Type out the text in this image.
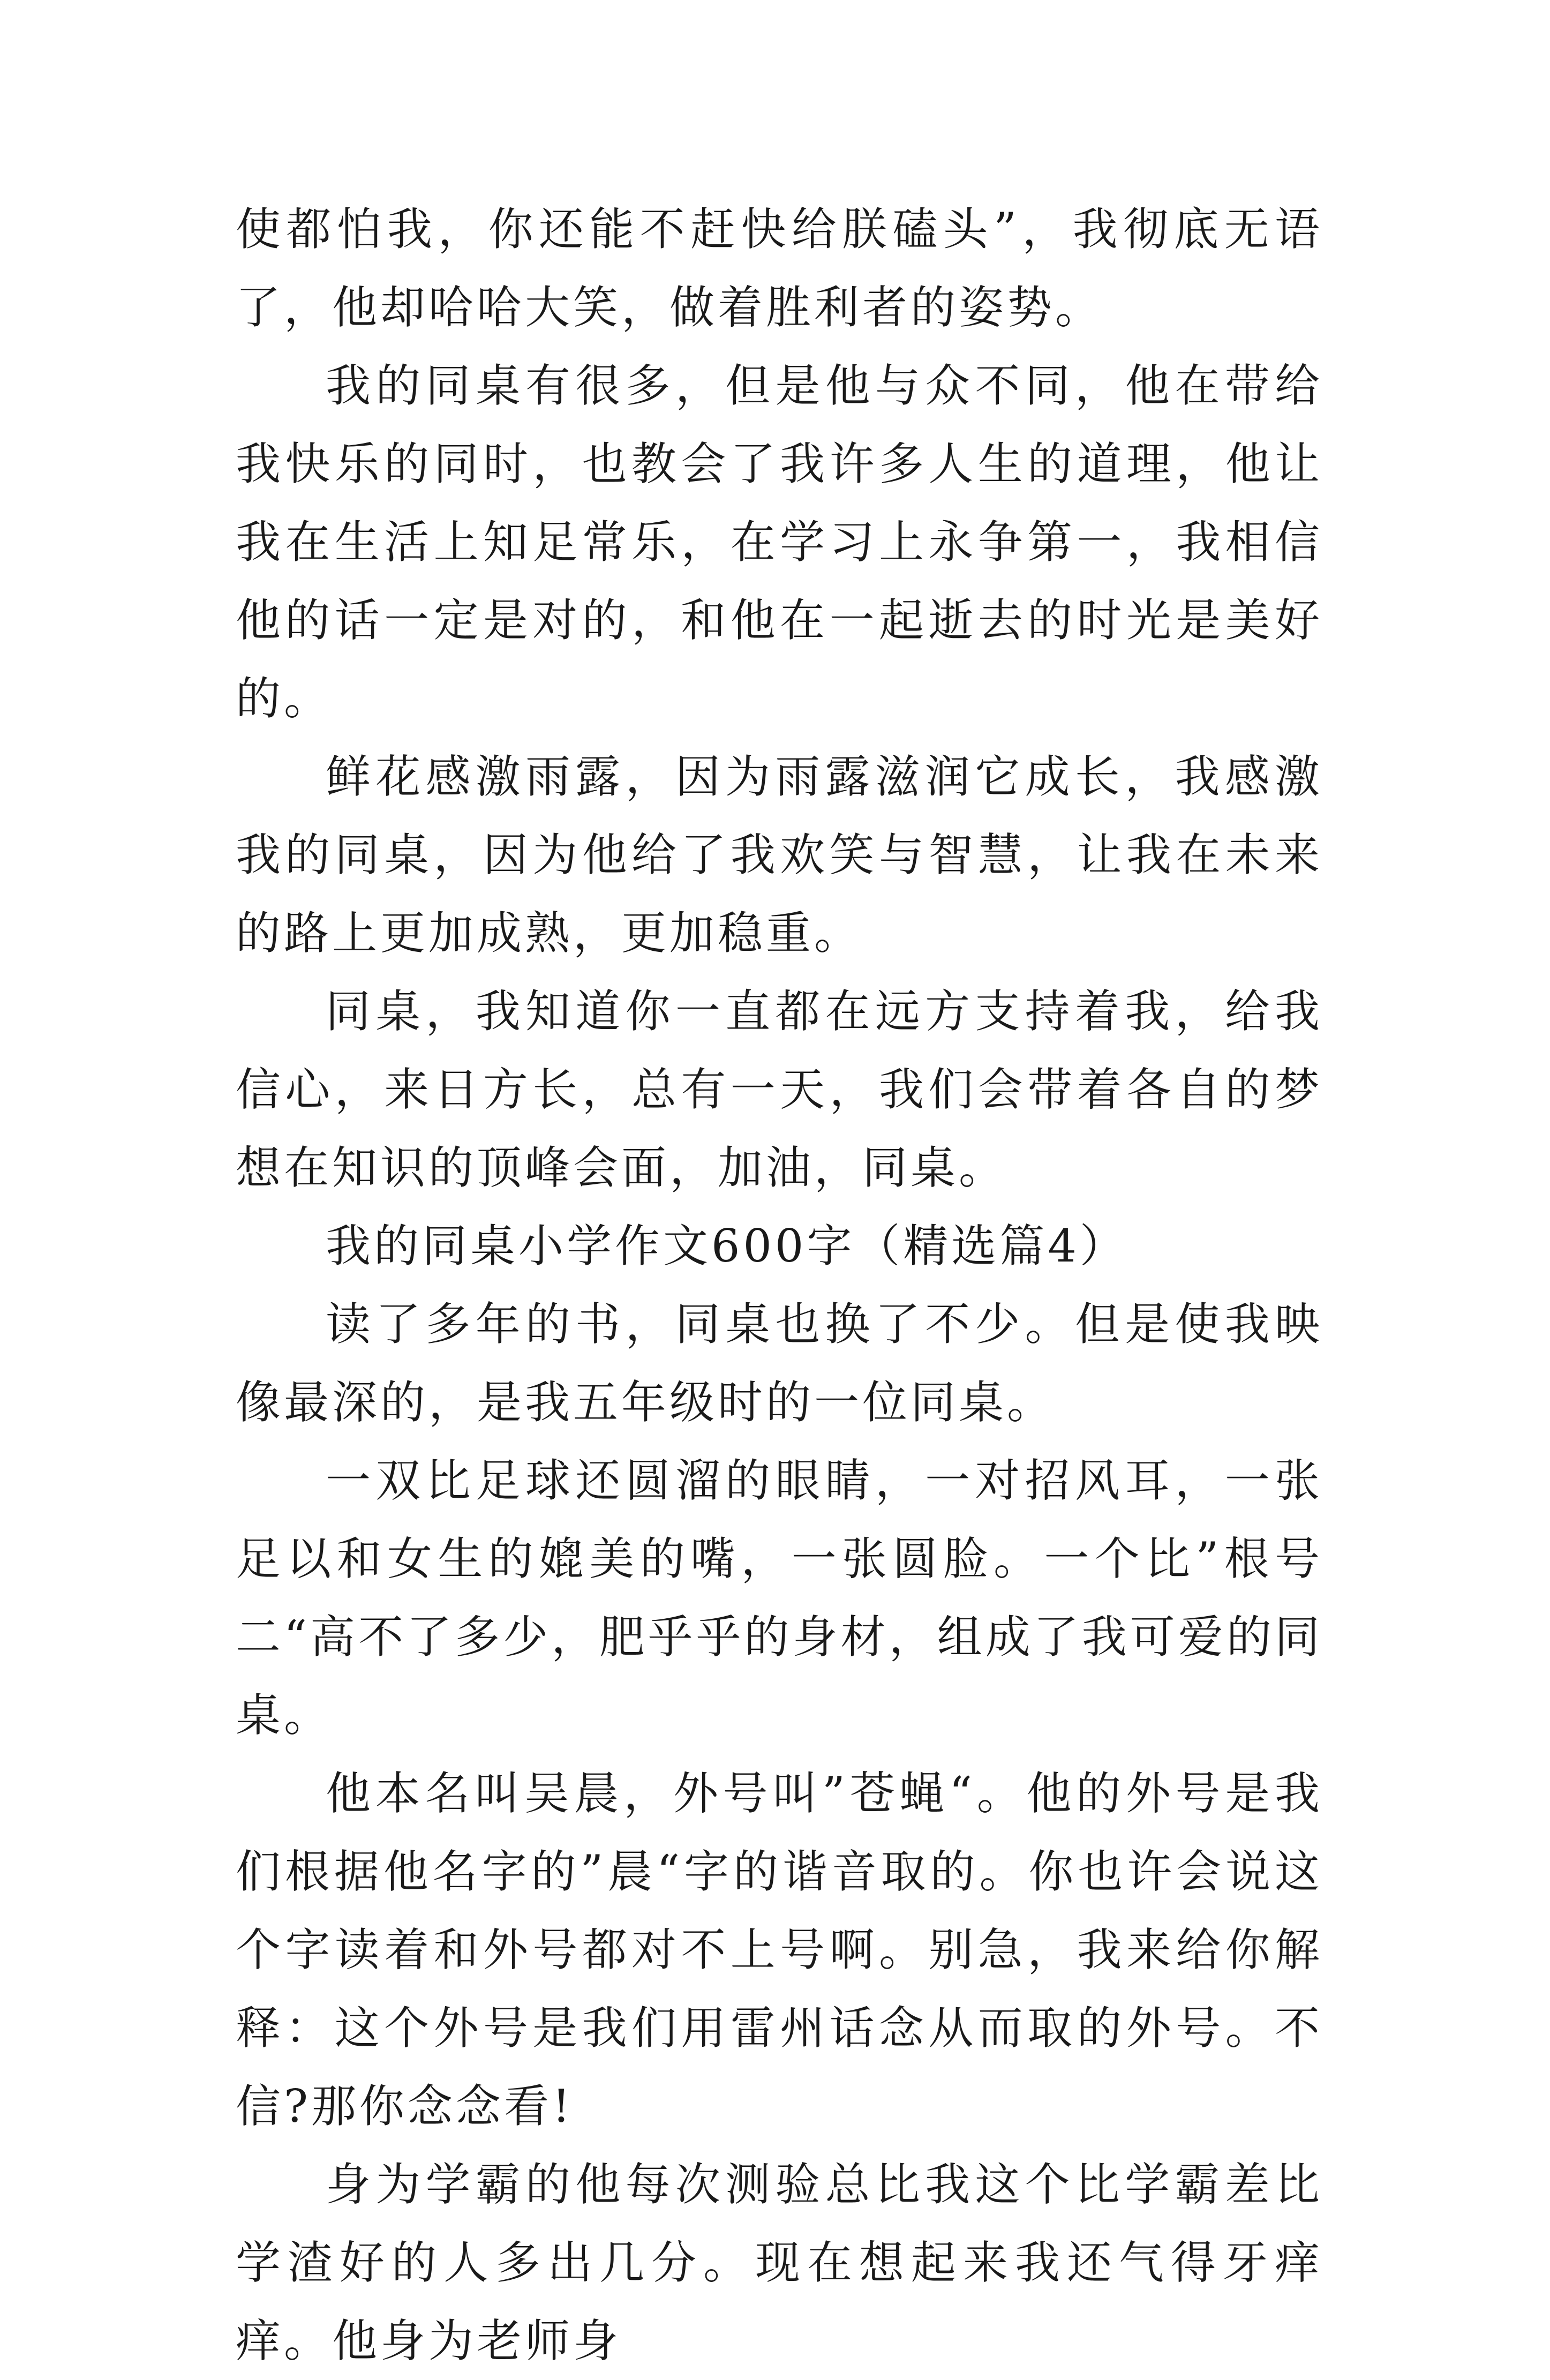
使都怕我，你还能不赶快给朕磕头”，我彻底无语了，他却哈哈大笑，做着胜利者的姿势。

我的同桌有很多，但是他与众不同，他在带给我快乐的同时，也教会了我许多人生的道理，他让我在生活上知足常乐，在学习上永争第一，我相信他的话一定是对的，和他在一起逝去的时光是美好的。

鲜花感激雨露，因为雨露滋润它成长，我感激我的同桌，因为他给了我欢笑与智慧，让我在未来的路上更加成熟，更加稳重。

同桌，我知道你一直都在远方支持着我，给我信心，来日方长，总有一天，我们会带着各自的梦想在知识的顶峰会面，加油，同桌。

我的同桌小学作文600字（精选篇4）

读了多年的书，同桌也换了不少。但是使我映像最深的，是我五年级时的一位同桌。

一双比足球还圆溜的眼睛，一对招风耳，一张足以和女生的媲美的嘴，一张圆脸。一个比”根号二“高不了多少，肥乎乎的身材，组成了我可爱的同桌。

他本名叫吴晨，外号叫”苍蝇“。他的外号是我们根据他名字的”晨“字的谐音取的。你也许会说这个字读着和外号都对不上号啊。别急，我来给你解释：这个外号是我们用雷州话念从而取的外号。不信?那你念念看!

身为学霸的他每次测验总比我这个比学霸差比学渣好的人多出几分。现在想起来我还气得牙痒痒。他身为老师身
